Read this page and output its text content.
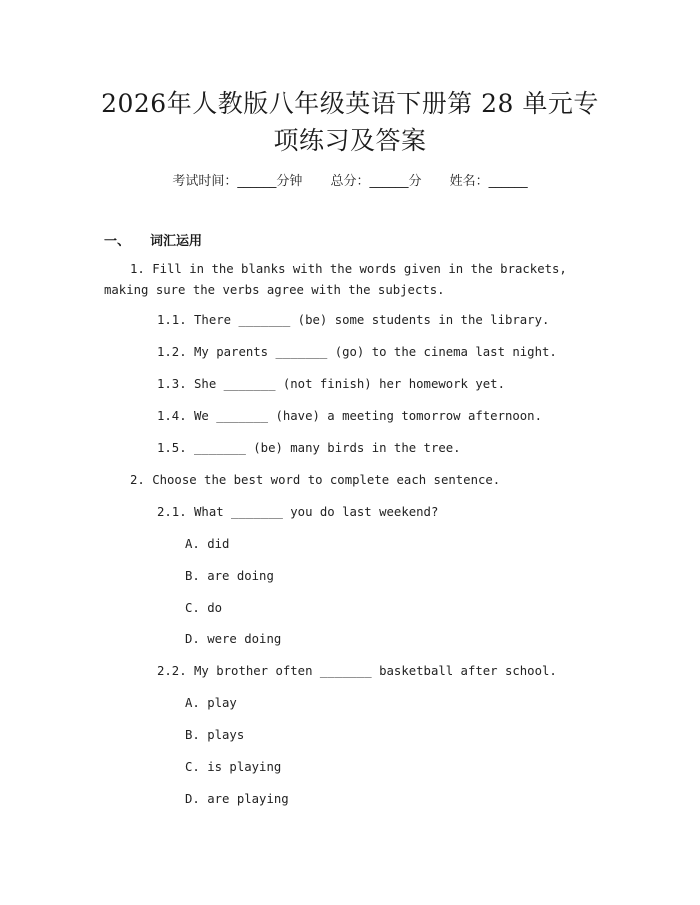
2026年人教版八年级英语下册第 28 单元专
项练习及答案
考试时间：______分钟 总分：______分 姓名：______
一、 词汇运用
1. Fill in the blanks with the words given in the brackets, making sure the verbs agree with the subjects.
1.1. There _______ (be) some students in the library.
1.2. My parents _______ (go) to the cinema last night.
1.3. She _______ (not finish) her homework yet.
1.4. We _______ (have) a meeting tomorrow afternoon.
1.5. _______ (be) many birds in the tree.
2. Choose the best word to complete each sentence.
2.1. What _______ you do last weekend?
A. did
B. are doing
C. do
D. were doing
2.2. My brother often _______ basketball after school.
A. play
B. plays
C. is playing
D. are playing
